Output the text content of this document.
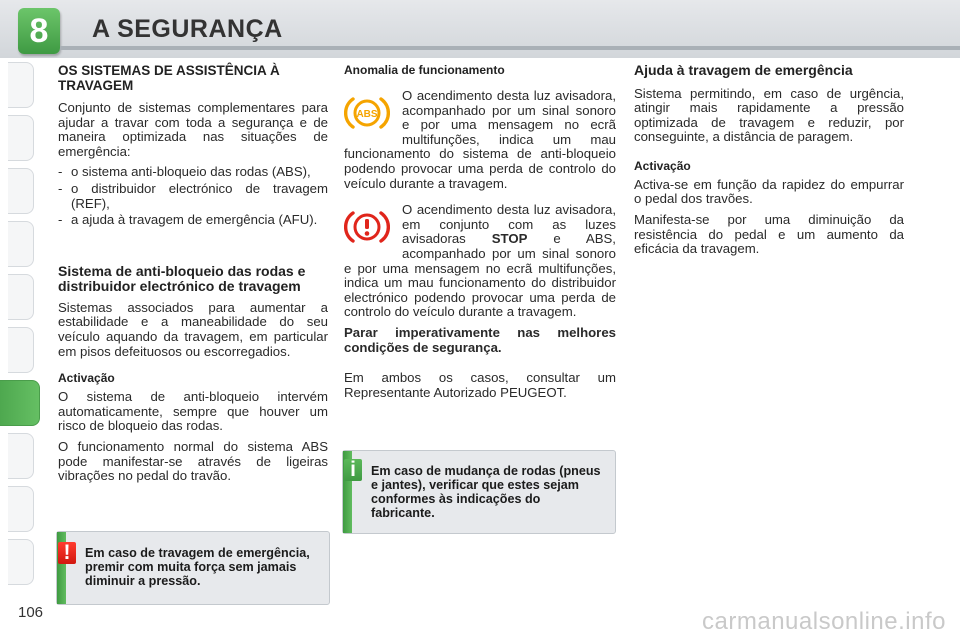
8	A SEGURANÇA
OS SISTEMAS DE ASSISTÊNCIA À TRAVAGEM

Conjunto de sistemas complementares para ajudar a travar com toda a segurança e de maneira optimizada nas situações de emergência:

- o sistema anti-bloqueio das rodas (ABS),
- o distribuidor electrónico de travagem (REF),
- a ajuda à travagem de emergência (AFU).
Sistema de anti-bloqueio das rodas e distribuidor electrónico de travagem

Sistemas associados para aumentar a estabilidade e a maneabilidade do seu veículo aquando da travagem, em particular em pisos defeituosos ou escorregadios.

Activação

O sistema de anti-bloqueio intervém automaticamente, sempre que houver um risco de bloqueio das rodas.

O funcionamento normal do sistema ABS pode manifestar-se através de ligeiras vibrações no pedal do travão.

Anomalia de funcionamento
ABS

O acendimento desta luz avisadora, acompanhado por um sinal sonoro e por uma mensagem no ecrã multifunções, indica um mau funcionamento do sistema de anti-bloqueio podendo provocar uma perda de controlo do veículo durante a travagem.

O acendimento desta luz avisadora, em conjunto com as luzes avisadoras STOP e ABS, acompanhado por um sinal sonoro e por uma mensagem no ecrã multifunções, indica um mau funcionamento do distribuidor electrónico podendo provocar uma perda de controlo do veículo durante a travagem.

Parar imperativamente nas melhores condições de segurança.

Em ambos os casos, consultar um Representante Autorizado PEUGEOT.

Ajuda à travagem de emergência

Sistema permitindo, em caso de urgência, atingir mais rapidamente a pressão optimizada de travagem e reduzir, por conseguinte, a distância de paragem.

Activação

Activa-se em função da rapidez do empurrar o pedal dos travões.

Manifesta-se por uma diminuição da resistência do pedal e um aumento da eficácia da travagem.

i	Em caso de mudança de rodas (pneus e jantes), verificar que estes sejam conformes às indicações do fabricante.
!	Em caso de travagem de emergência, premir com muita força sem jamais diminuir a pressão.
106	carmanualsonline.info
